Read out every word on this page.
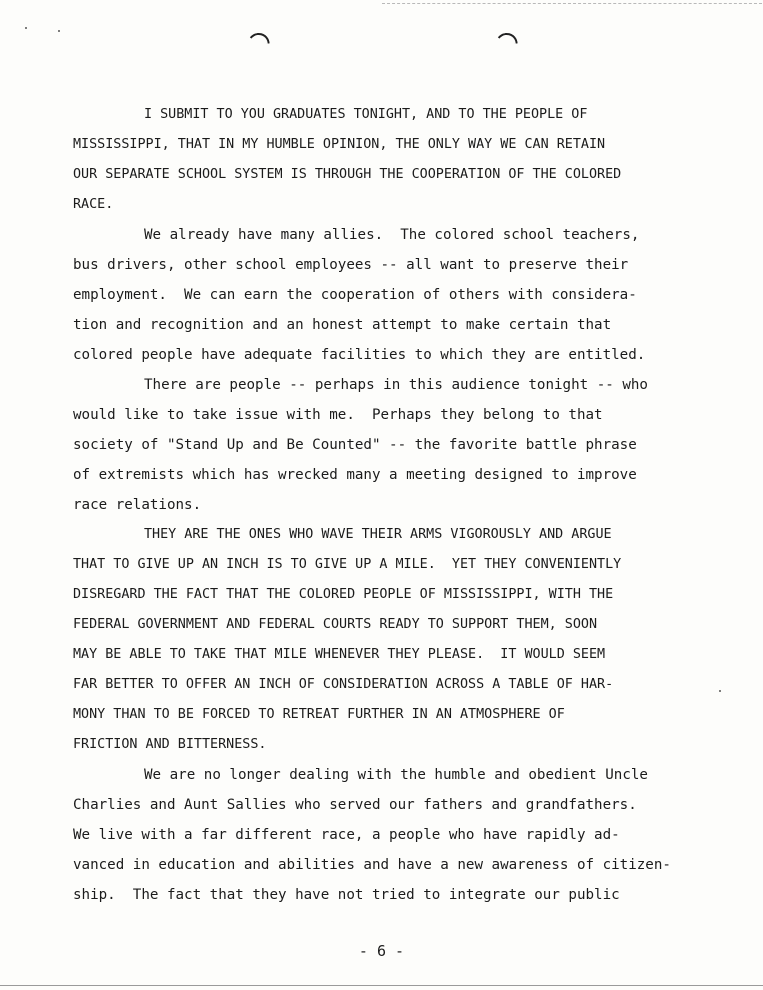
I SUBMIT TO YOU GRADUATES TONIGHT, AND TO THE PEOPLE OF
MISSISSIPPI, THAT IN MY HUMBLE OPINION, THE ONLY WAY WE CAN RETAIN
OUR SEPARATE SCHOOL SYSTEM IS THROUGH THE COOPERATION OF THE COLORED
RACE.
We already have many allies.  The colored school teachers,
bus drivers, other school employees -- all want to preserve their
employment.  We can earn the cooperation of others with considera-
tion and recognition and an honest attempt to make certain that
colored people have adequate facilities to which they are entitled.
There are people -- perhaps in this audience tonight -- who
would like to take issue with me.  Perhaps they belong to that
society of "Stand Up and Be Counted" -- the favorite battle phrase
of extremists which has wrecked many a meeting designed to improve
race relations.
THEY ARE THE ONES WHO WAVE THEIR ARMS VIGOROUSLY AND ARGUE
THAT TO GIVE UP AN INCH IS TO GIVE UP A MILE.  YET THEY CONVENIENTLY
DISREGARD THE FACT THAT THE COLORED PEOPLE OF MISSISSIPPI, WITH THE
FEDERAL GOVERNMENT AND FEDERAL COURTS READY TO SUPPORT THEM, SOON
MAY BE ABLE TO TAKE THAT MILE WHENEVER THEY PLEASE.  IT WOULD SEEM
FAR BETTER TO OFFER AN INCH OF CONSIDERATION ACROSS A TABLE OF HAR-
MONY THAN TO BE FORCED TO RETREAT FURTHER IN AN ATMOSPHERE OF
FRICTION AND BITTERNESS.
We are no longer dealing with the humble and obedient Uncle
Charlies and Aunt Sallies who served our fathers and grandfathers.
We live with a far different race, a people who have rapidly ad-
vanced in education and abilities and have a new awareness of citizen-
ship.  The fact that they have not tried to integrate our public
- 6 -
